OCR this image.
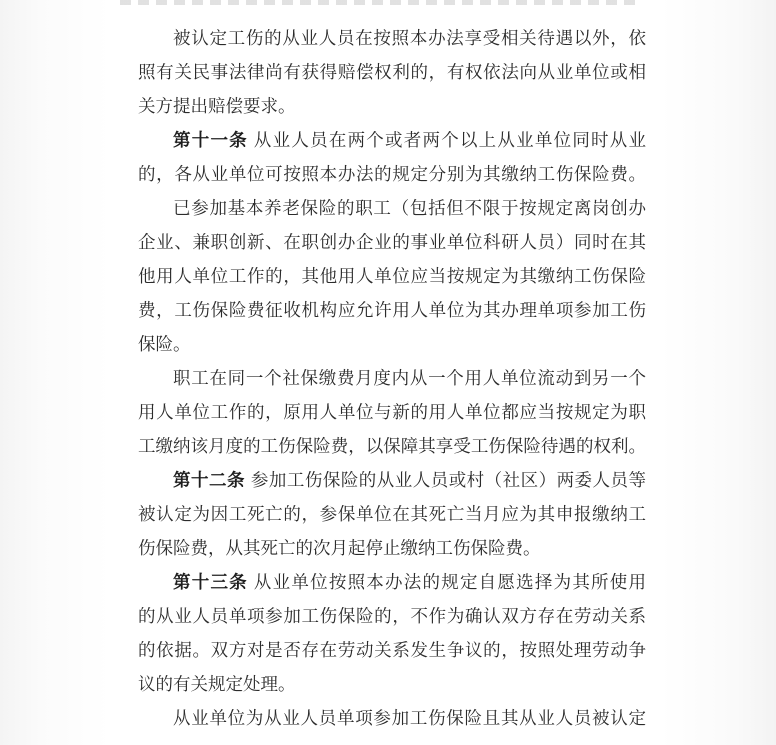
被认定工伤的从业人员在按照本办法享受相关待遇以外，依
照有关民事法律尚有获得赔偿权利的，有权依法向从业单位或相
关方提出赔偿要求。
第十一条 从业人员在两个或者两个以上从业单位同时从业
的，各从业单位可按照本办法的规定分别为其缴纳工伤保险费。
已参加基本养老保险的职工（包括但不限于按规定离岗创办
企业、兼职创新、在职创办企业的事业单位科研人员）同时在其
他用人单位工作的，其他用人单位应当按规定为其缴纳工伤保险
费，工伤保险费征收机构应允许用人单位为其办理单项参加工伤
保险。
职工在同一个社保缴费月度内从一个用人单位流动到另一个
用人单位工作的，原用人单位与新的用人单位都应当按规定为职
工缴纳该月度的工伤保险费，以保障其享受工伤保险待遇的权利。
第十二条 参加工伤保险的从业人员或村（社区）两委人员等
被认定为因工死亡的，参保单位在其死亡当月应为其申报缴纳工
伤保险费，从其死亡的次月起停止缴纳工伤保险费。
第十三条 从业单位按照本办法的规定自愿选择为其所使用
的从业人员单项参加工伤保险的，不作为确认双方存在劳动关系
的依据。双方对是否存在劳动关系发生争议的，按照处理劳动争
议的有关规定处理。
从业单位为从业人员单项参加工伤保险且其从业人员被认定
